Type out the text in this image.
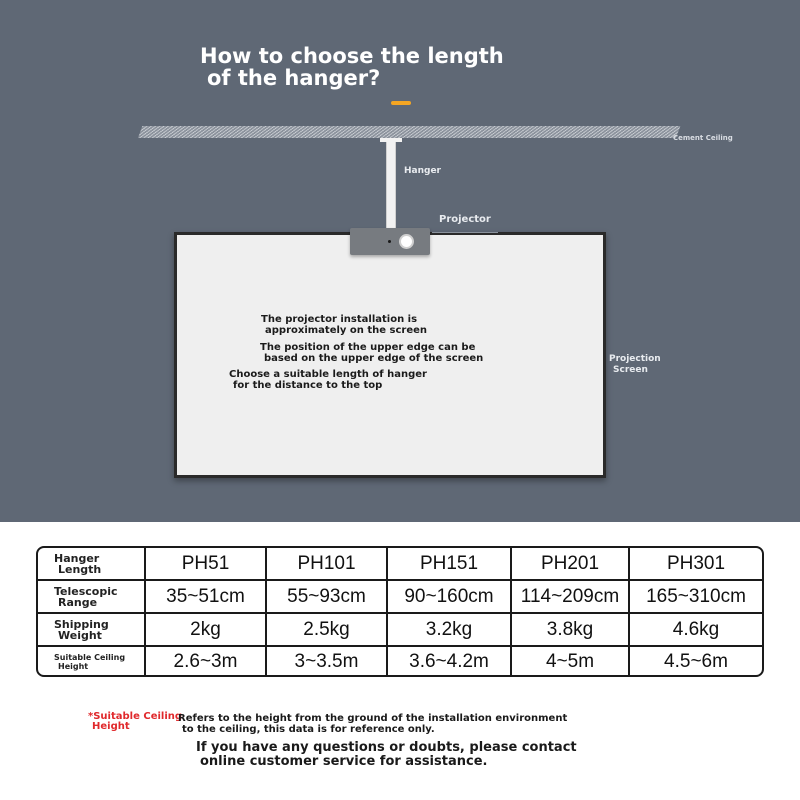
How to choose the length
of the hanger?
Cement Ceiling
Hanger
Projector
The projector installation is
approximately on the screen
The position of the upper edge can be
based on the upper edge of the screen
Choose a suitable length of hanger
for the distance to the top
Projection
Screen
Hanger
Length	PH51	PH101	PH151	PH201	PH301
Telescopic
Range	35~51cm	55~93cm	90~160cm	114~209cm	165~310cm
Shipping
Weight	2kg	2.5kg	3.2kg	3.8kg	4.6kg
Suitable Ceiling
Height	2.6~3m	3~3.5m	3.6~4.2m	4~5m	4.5~6m
*Suitable Ceiling
Height
Refers to the height from the ground of the installation environment
to the ceiling, this data is for reference only.
If you have any questions or doubts, please contact
online customer service for assistance.
